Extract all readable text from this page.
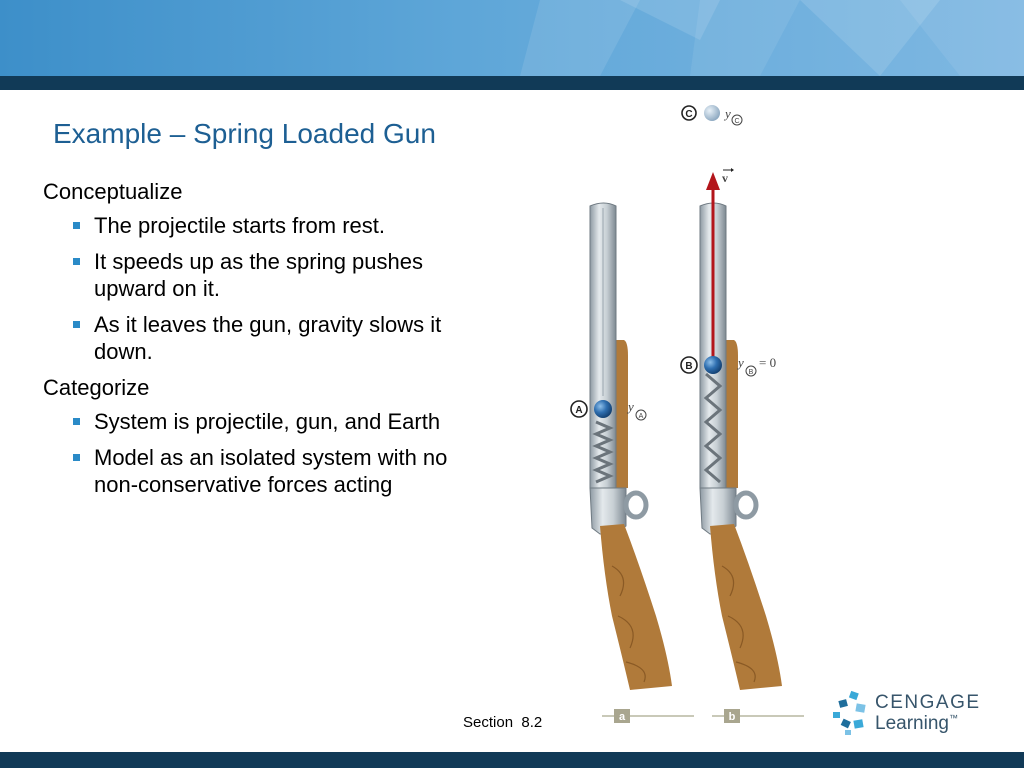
Example – Spring Loaded Gun

Conceptualize

The projectile starts from rest.
It speeds up as the spring pushes upward on it.
As it leaves the gun, gravity slows it down.

Categorize

System is projectile, gun, and Earth
Model as an isolated system with no non-conservative forces acting
C y
C
A	y
A
v
B	y
B
= 0
a	b
Section  8.2
CENGAGE
Learning™
